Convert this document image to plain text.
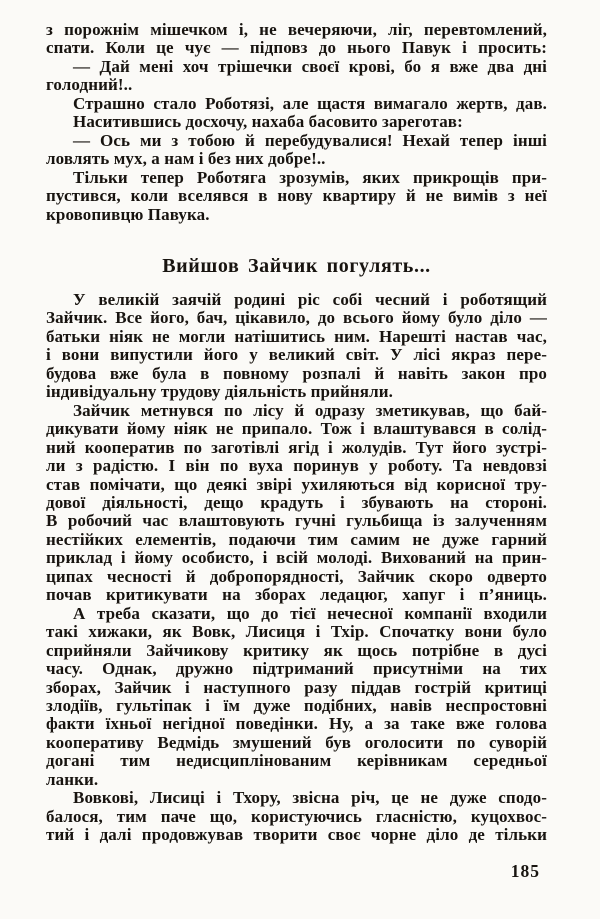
з порожнім мішечком і, не вечеряючи, ліг, перевтомлений,
спати. Коли це чує — підповз до нього Павук і просить:
— Дай мені хоч трішечки своєї крові, бо я вже два дні
голодний!..
Страшно стало Роботязі, але щастя вимагало жертв, дав.
Наситившись досхочу, нахаба басовито зареготав:
— Ось ми з тобою й перебудувалися! Нехай тепер інші
ловлять мух, а нам і без них добре!..
Тільки тепер Роботяга зрозумів, яких прикрощів при-
пустився, коли вселявся в нову квартиру й не вимів з неї
кровопивцю Павука.
Вийшов Зайчик погулять...
У великій заячій родині ріс собі чесний і роботящий
Зайчик. Все його, бач, цікавило, до всього йому було діло —
батьки ніяк не могли натішитись ним. Нарешті настав час,
і вони випустили його у великий світ. У лісі якраз пере-
будова вже була в повному розпалі й навіть закон про
індивідуальну трудову діяльність прийняли.
Зайчик метнувся по лісу й одразу зметикував, що бай-
дикувати йому ніяк не припало. Тож і влаштувався в солід-
ний кооператив по заготівлі ягід і жолудів. Тут його зустрі-
ли з радістю. І він по вуха поринув у роботу. Та невдовзі
став помічати, що деякі звірі ухиляються від корисної тру-
дової діяльності, дещо крадуть і збувають на стороні.
В робочий час влаштовують гучні гульбища із залученням
нестійких елементів, подаючи тим самим не дуже гарний
приклад і йому особисто, і всій молоді. Вихований на прин-
ципах чесності й добропорядності, Зайчик скоро одверто
почав критикувати на зборах ледацюг, хапуг і п’яниць.
А треба сказати, що до тієї нечесної компанії входили
такі хижаки, як Вовк, Лисиця і Тхір. Спочатку вони було
сприйняли Зайчикову критику як щось потрібне в дусі
часу. Однак, дружно підтриманий присутніми на тих
зборах, Зайчик і наступного разу піддав гострій критиці
злодіїв, гультіпак і їм дуже подібних, навів неспростовні
факти їхньої негідної поведінки. Ну, а за таке вже голова
кооперативу Ведмідь змушений був оголосити по суворій
догані тим недисциплінованим керівникам середньої
ланки.
Вовкові, Лисиці і Тхору, звісна річ, це не дуже сподо-
балося, тим паче що, користуючись гласністю, куцохвос-
тий і далі продовжував творити своє чорне діло де тільки
185
